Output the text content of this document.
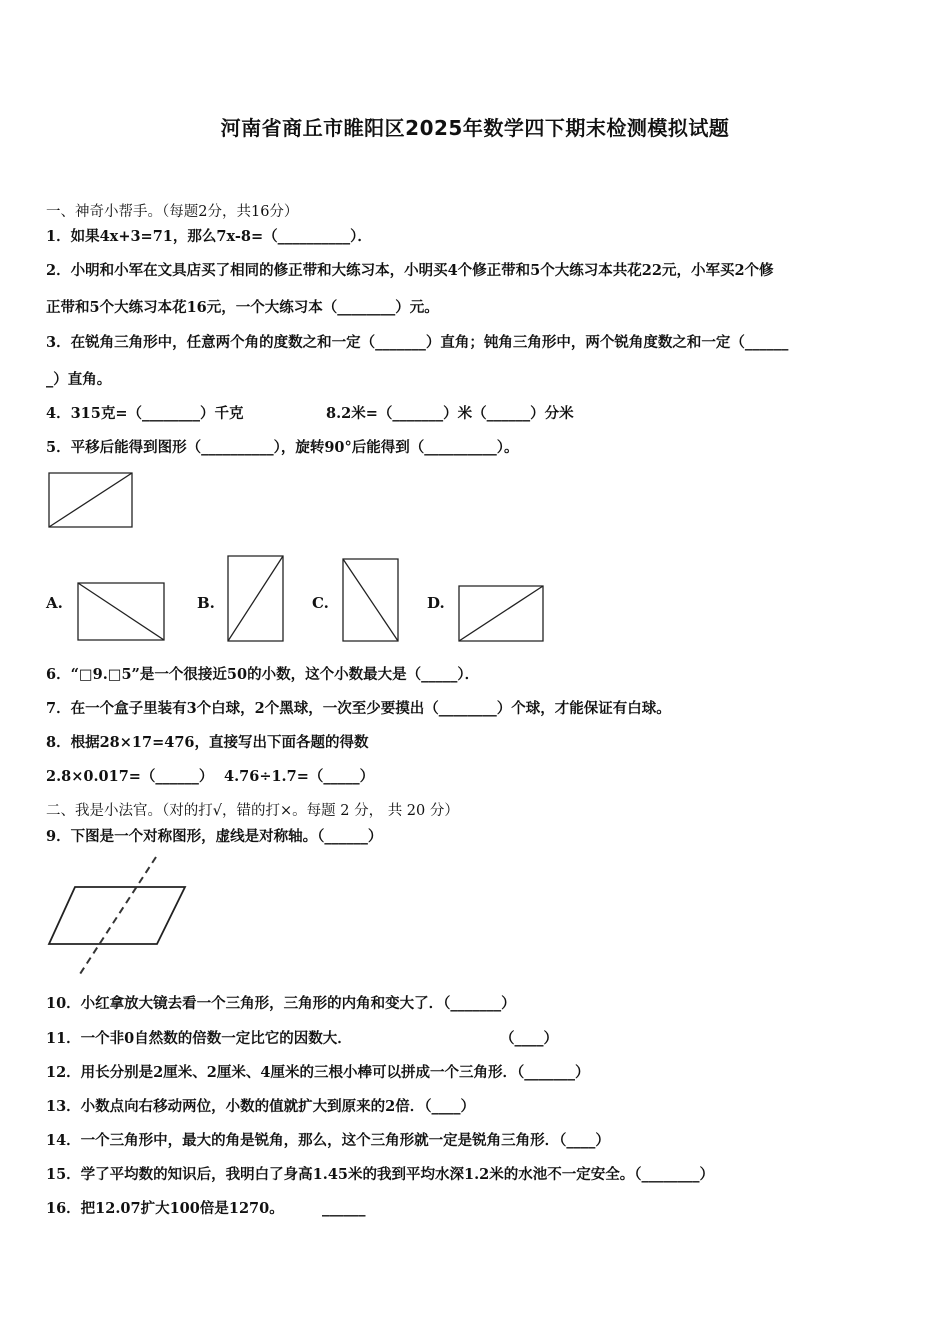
河南省商丘市睢阳区2025年数学四下期末检测模拟试题
一、神奇小帮手。（每题2分，共16分）
1．如果4x+3=71，那么7x-8=（__________）．
2．小明和小军在文具店买了相同的修正带和大练习本，小明买4个修正带和5个大练习本共花22元，小军买2个修
正带和5个大练习本花16元，一个大练习本（________）元。
3．在锐角三角形中，任意两个角的度数之和一定（_______）直角；钝角三角形中，两个锐角度数之和一定（______
_）直角。
4．315克=（________）千克	8.2米=（_______）米（______）分米
5．平移后能得到图形（__________），旋转90°后能得到（__________）。
A.	B.	C.	D.
6．“□9.□5”是一个很接近50的小数，这个小数最大是（_____）．
7．在一个盒子里装有3个白球，2个黑球，一次至少要摸出（________）个球，才能保证有白球。
8．根据28×17=476，直接写出下面各题的得数
2.8×0.017=（______） 4.76÷1.7=（_____）
二、我是小法官。（对的打√，错的打×。每题 2 分， 共 20 分）
9．下图是一个对称图形，虚线是对称轴。（______）
10．小红拿放大镜去看一个三角形，三角形的内角和变大了．（_______）
11．一个非0自然数的倍数一定比它的因数大．	（____）
12．用长分别是2厘米、2厘米、4厘米的三根小棒可以拼成一个三角形．（_______）
13．小数点向右移动两位，小数的值就扩大到原来的2倍．（____）
14．一个三角形中，最大的角是锐角，那么，这个三角形就一定是锐角三角形．（____）
15．学了平均数的知识后，我明白了身高1.45米的我到平均水深1.2米的水池不一定安全。（________）
16．把12.07扩大100倍是1270。	______
